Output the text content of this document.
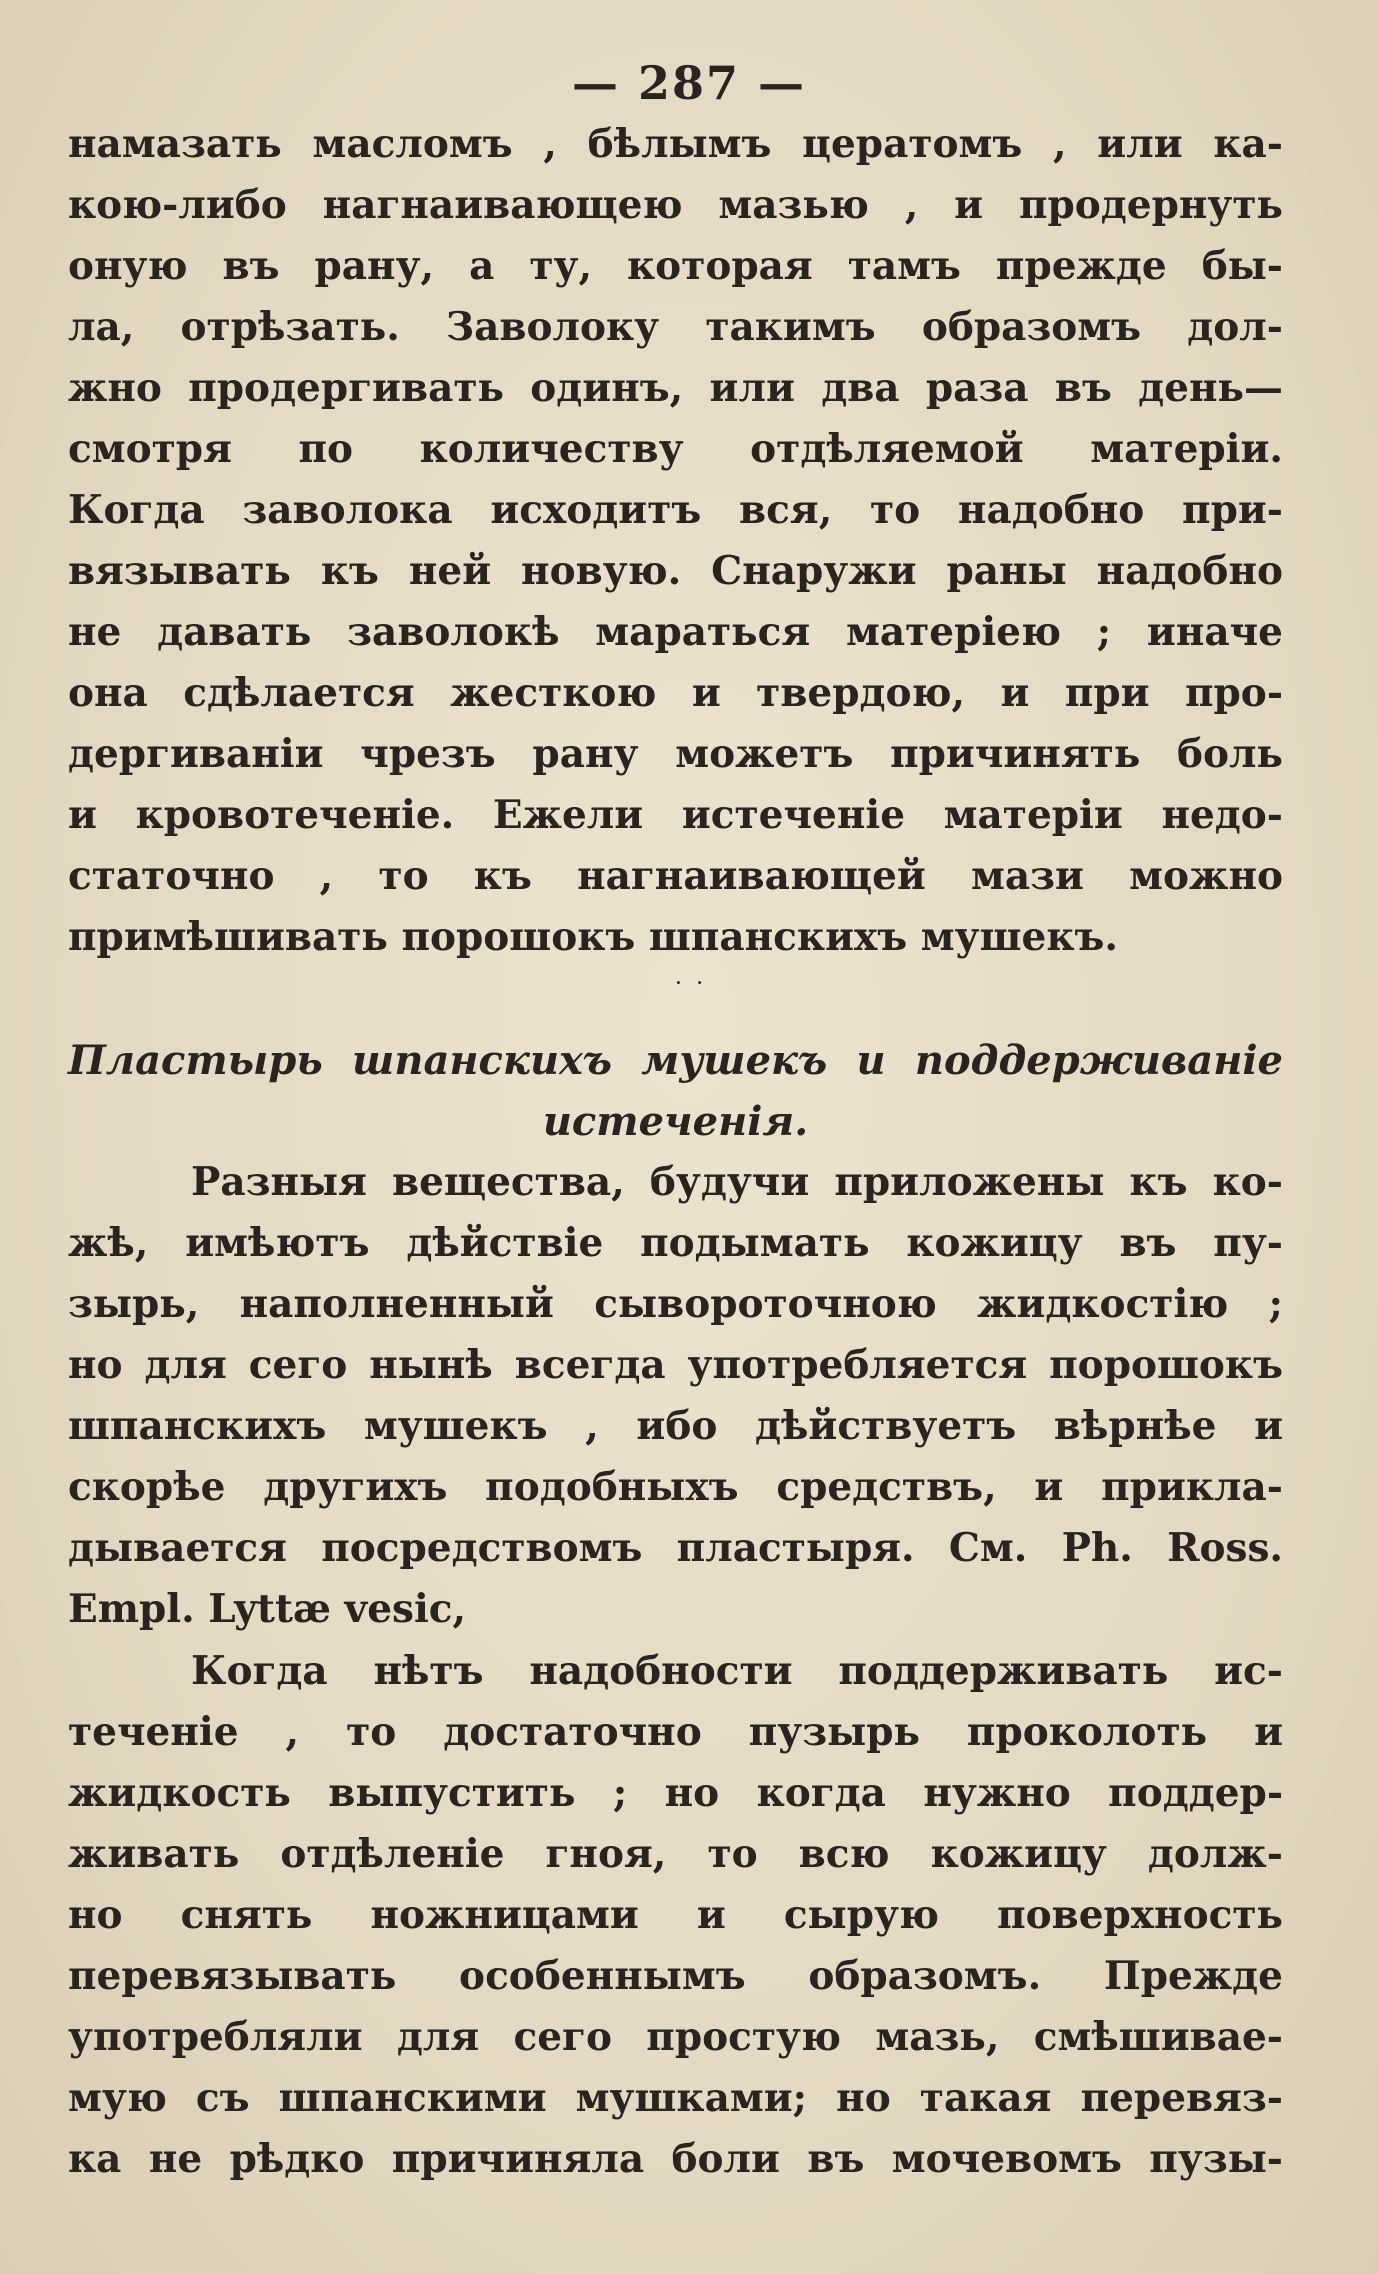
— 287 —
намазать масломъ , бѣлымъ цератомъ , или ка-
кою-либо нагнаивающею мазью , и продернуть
оную въ рану, а ту, которая тамъ прежде бы-
ла, отрѣзать. Заволоку такимъ образомъ дол-
жно продергивать одинъ, или два раза въ день—
смотря по количеству отдѣляемой матеріи.
Когда заволока исходитъ вся, то надобно при-
вязывать къ ней новую. Снаружи раны надобно
не давать заволокѣ мараться матеріею ; иначе
она сдѣлается жесткою и твердою, и при про-
дергиваніи чрезъ рану можетъ причинять боль
и кровотеченіе. Ежели истеченіе матеріи недо-
статочно , то къ нагнаивающей мази можно
примѣшивать порошокъ шпанскихъ мушекъ.
˙ ˙
Пластырь шпанскихъ мушекъ и поддерживаніе
истеченія.
Разныя вещества, будучи приложены къ ко-
жѣ, имѣютъ дѣйствіе подымать кожицу въ пу-
зырь, наполненный сывороточною жидкостію ;
но для сего нынѣ всегда употребляется порошокъ
шпанскихъ мушекъ , ибо дѣйствуетъ вѣрнѣе и
скорѣе другихъ подобныхъ средствъ, и прикла-
дывается посредствомъ пластыря. См. Ph. Ross.
Empl. Lyttæ vesic,
Когда нѣтъ надобности поддерживать ис-
теченіе , то достаточно пузырь проколоть и
жидкость выпустить ; но когда нужно поддер-
живать отдѣленіе гноя, то всю кожицу долж-
но снять ножницами и сырую поверхность
перевязывать особеннымъ образомъ. Прежде
употребляли для сего простую мазь, смѣшивае-
мую съ шпанскими мушками; но такая перевяз-
ка не рѣдко причиняла боли въ мочевомъ пузы-
